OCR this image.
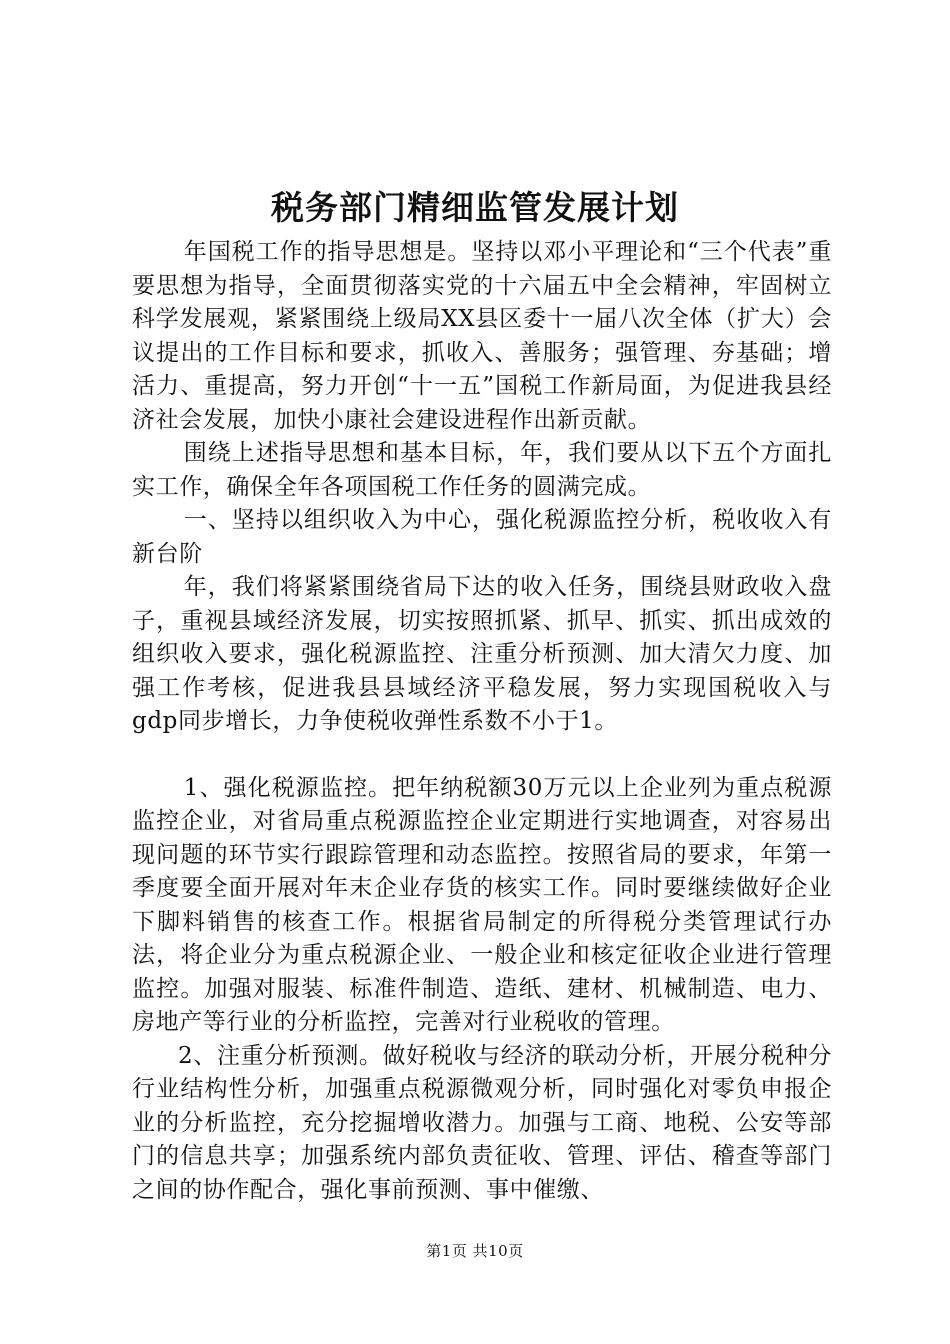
税务部门精细监管发展计划

年国税工作的指导思想是。坚持以邓小平理论和“三个代表”重要思想为指导，全面贯彻落实党的十六届五中全会精神，牢固树立科学发展观，紧紧围绕上级局XX县区委十一届八次全体（扩大）会议提出的工作目标和要求，抓收入、善服务；强管理、夯基础；增活力、重提高，努力开创“十一五”国税工作新局面，为促进我县经济社会发展，加快小康社会建设进程作出新贡献。

围绕上述指导思想和基本目标，年，我们要从以下五个方面扎实工作，确保全年各项国税工作任务的圆满完成。

一、坚持以组织收入为中心，强化税源监控分析，税收收入有新台阶

年，我们将紧紧围绕省局下达的收入任务，围绕县财政收入盘子，重视县域经济发展，切实按照抓紧、抓早、抓实、抓出成效的组织收入要求，强化税源监控、注重分析预测、加大清欠力度、加强工作考核，促进我县县域经济平稳发展，努力实现国税收入与gdp同步增长，力争使税收弹性系数不小于1。

1、强化税源监控。把年纳税额30万元以上企业列为重点税源监控企业，对省局重点税源监控企业定期进行实地调查，对容易出现问题的环节实行跟踪管理和动态监控。按照省局的要求，年第一季度要全面开展对年末企业存货的核实工作。同时要继续做好企业下脚料销售的核查工作。根据省局制定的所得税分类管理试行办法，将企业分为重点税源企业、一般企业和核定征收企业进行管理监控。加强对服装、标准件制造、造纸、建材、机械制造、电力、房地产等行业的分析监控，完善对行业税收的管理。

2、注重分析预测。做好税收与经济的联动分析，开展分税种分行业结构性分析，加强重点税源微观分析，同时强化对零负申报企业的分析监控，充分挖掘增收潜力。加强与工商、地税、公安等部门的信息共享；加强系统内部负责征收、管理、评估、稽查等部门之间的协作配合，强化事前预测、事中催缴、

第1页 共10页
